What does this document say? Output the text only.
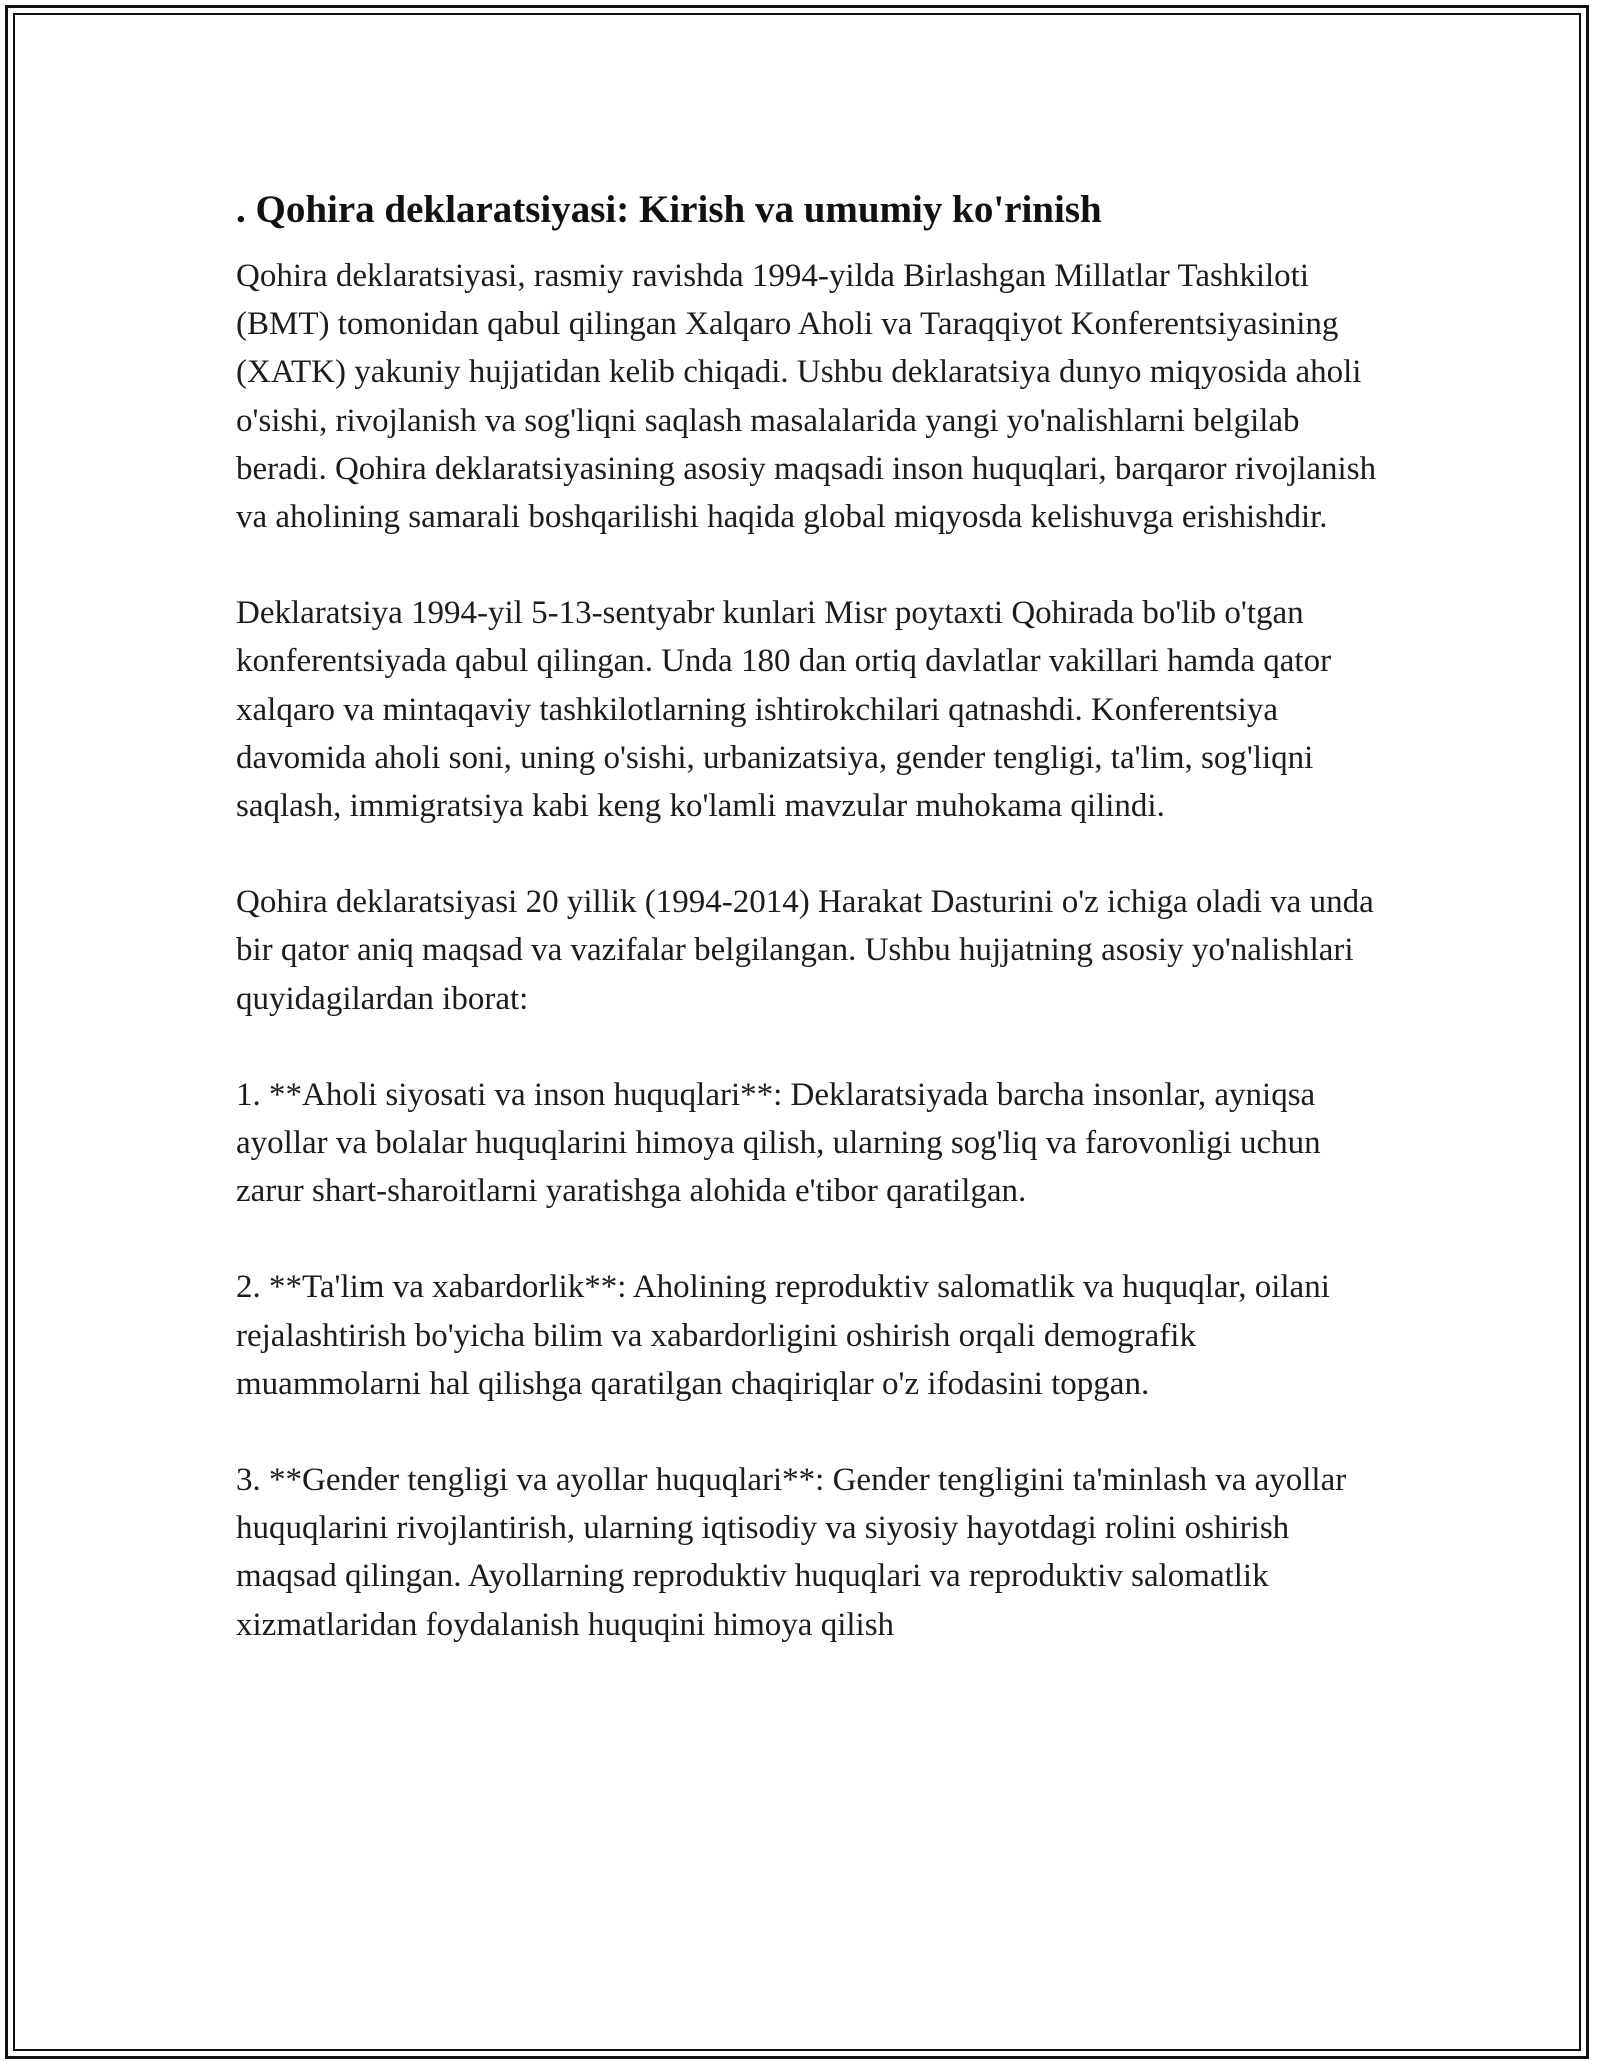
. Qohira deklaratsiyasi: Kirish va umumiy ko'rinish

Qohira deklaratsiyasi, rasmiy ravishda 1994-yilda Birlashgan Millatlar Tashkiloti (BMT) tomonidan qabul qilingan Xalqaro Aholi va Taraqqiyot Konferentsiyasining (XATK) yakuniy hujjatidan kelib chiqadi. Ushbu deklaratsiya dunyo miqyosida aholi o'sishi, rivojlanish va sog'liqni saqlash masalalarida yangi yo'nalishlarni belgilab beradi. Qohira deklaratsiyasining asosiy maqsadi inson huquqlari, barqaror rivojlanish va aholining samarali boshqarilishi haqida global miqyosda kelishuvga erishishdir.

Deklaratsiya 1994-yil 5-13-sentyabr kunlari Misr poytaxti Qohirada bo'lib o'tgan konferentsiyada qabul qilingan. Unda 180 dan ortiq davlatlar vakillari hamda qator xalqaro va mintaqaviy tashkilotlarning ishtirokchilari qatnashdi. Konferentsiya davomida aholi soni, uning o'sishi, urbanizatsiya, gender tengligi, ta'lim, sog'liqni saqlash, immigratsiya kabi keng ko'lamli mavzular muhokama qilindi.

Qohira deklaratsiyasi 20 yillik (1994-2014) Harakat Dasturini o'z ichiga oladi va unda bir qator aniq maqsad va vazifalar belgilangan. Ushbu hujjatning asosiy yo'nalishlari quyidagilardan iborat:

1. **Aholi siyosati va inson huquqlari**: Deklaratsiyada barcha insonlar, ayniqsa ayollar va bolalar huquqlarini himoya qilish, ularning sog'liq va farovonligi uchun zarur shart-sharoitlarni yaratishga alohida e'tibor qaratilgan.

2. **Ta'lim va xabardorlik**: Aholining reproduktiv salomatlik va huquqlar, oilani rejalashtirish bo'yicha bilim va xabardorligini oshirish orqali demografik muammolarni hal qilishga qaratilgan chaqiriqlar o'z ifodasini topgan.

3. **Gender tengligi va ayollar huquqlari**: Gender tengligini ta'minlash va ayollar huquqlarini rivojlantirish, ularning iqtisodiy va siyosiy hayotdagi rolini oshirish maqsad qilingan. Ayollarning reproduktiv huquqlari va reproduktiv salomatlik xizmatlaridan foydalanish huquqini himoya qilish
